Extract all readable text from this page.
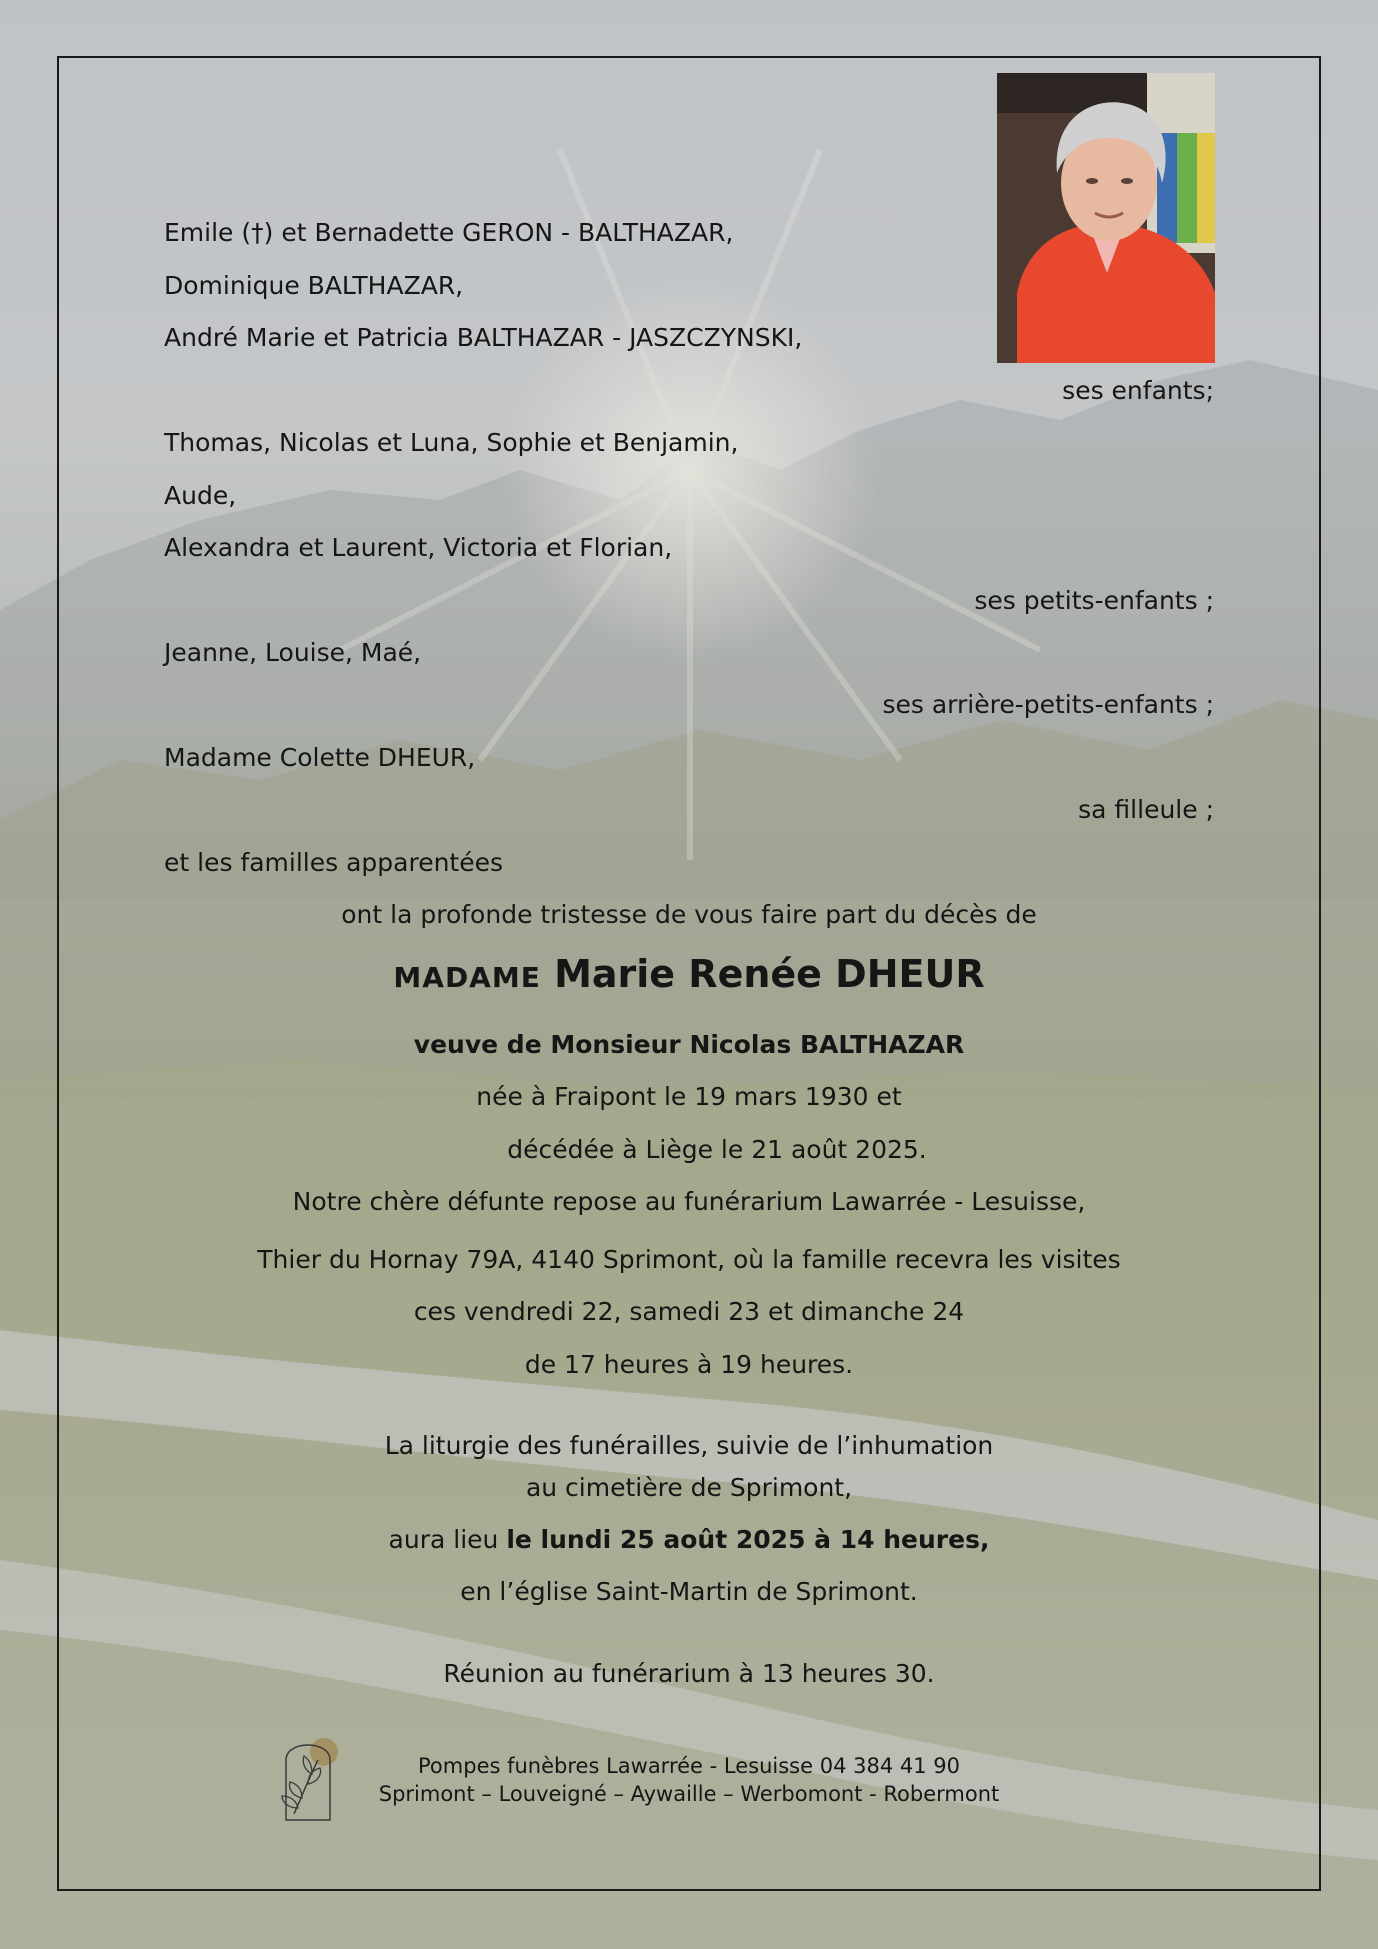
Emile (†) et Bernadette GERON - BALTHAZAR,
Dominique BALTHAZAR,
André Marie et Patricia BALTHAZAR - JASZCZYNSKI,
ses enfants;
Thomas, Nicolas et Luna, Sophie et Benjamin,
Aude,
Alexandra et Laurent, Victoria et Florian,
ses petits-enfants ;
Jeanne, Louise, Maé,
ses arrière-petits-enfants ;
Madame Colette DHEUR,
sa filleule ;
et les familles apparentées
ont la profonde tristesse de vous faire part du décès de
MADAME Marie Renée DHEUR
veuve de Monsieur Nicolas BALTHAZAR
née à Fraipont le 19 mars 1930 et
décédée à Liège le 21 août 2025.
Notre chère défunte repose au funérarium Lawarrée - Lesuisse,
Thier du Hornay 79A, 4140 Sprimont, où la famille recevra les visites
ces vendredi 22, samedi 23 et dimanche 24
de 17 heures à 19 heures.
La liturgie des funérailles, suivie de l’inhumation
au cimetière de Sprimont,
aura lieu le lundi 25 août 2025 à 14 heures,
en l’église Saint-Martin de Sprimont.
Réunion au funérarium à 13 heures 30.
Pompes funèbres Lawarrée - Lesuisse 04 384 41 90
Sprimont – Louveigné – Aywaille – Werbomont - Robermont
